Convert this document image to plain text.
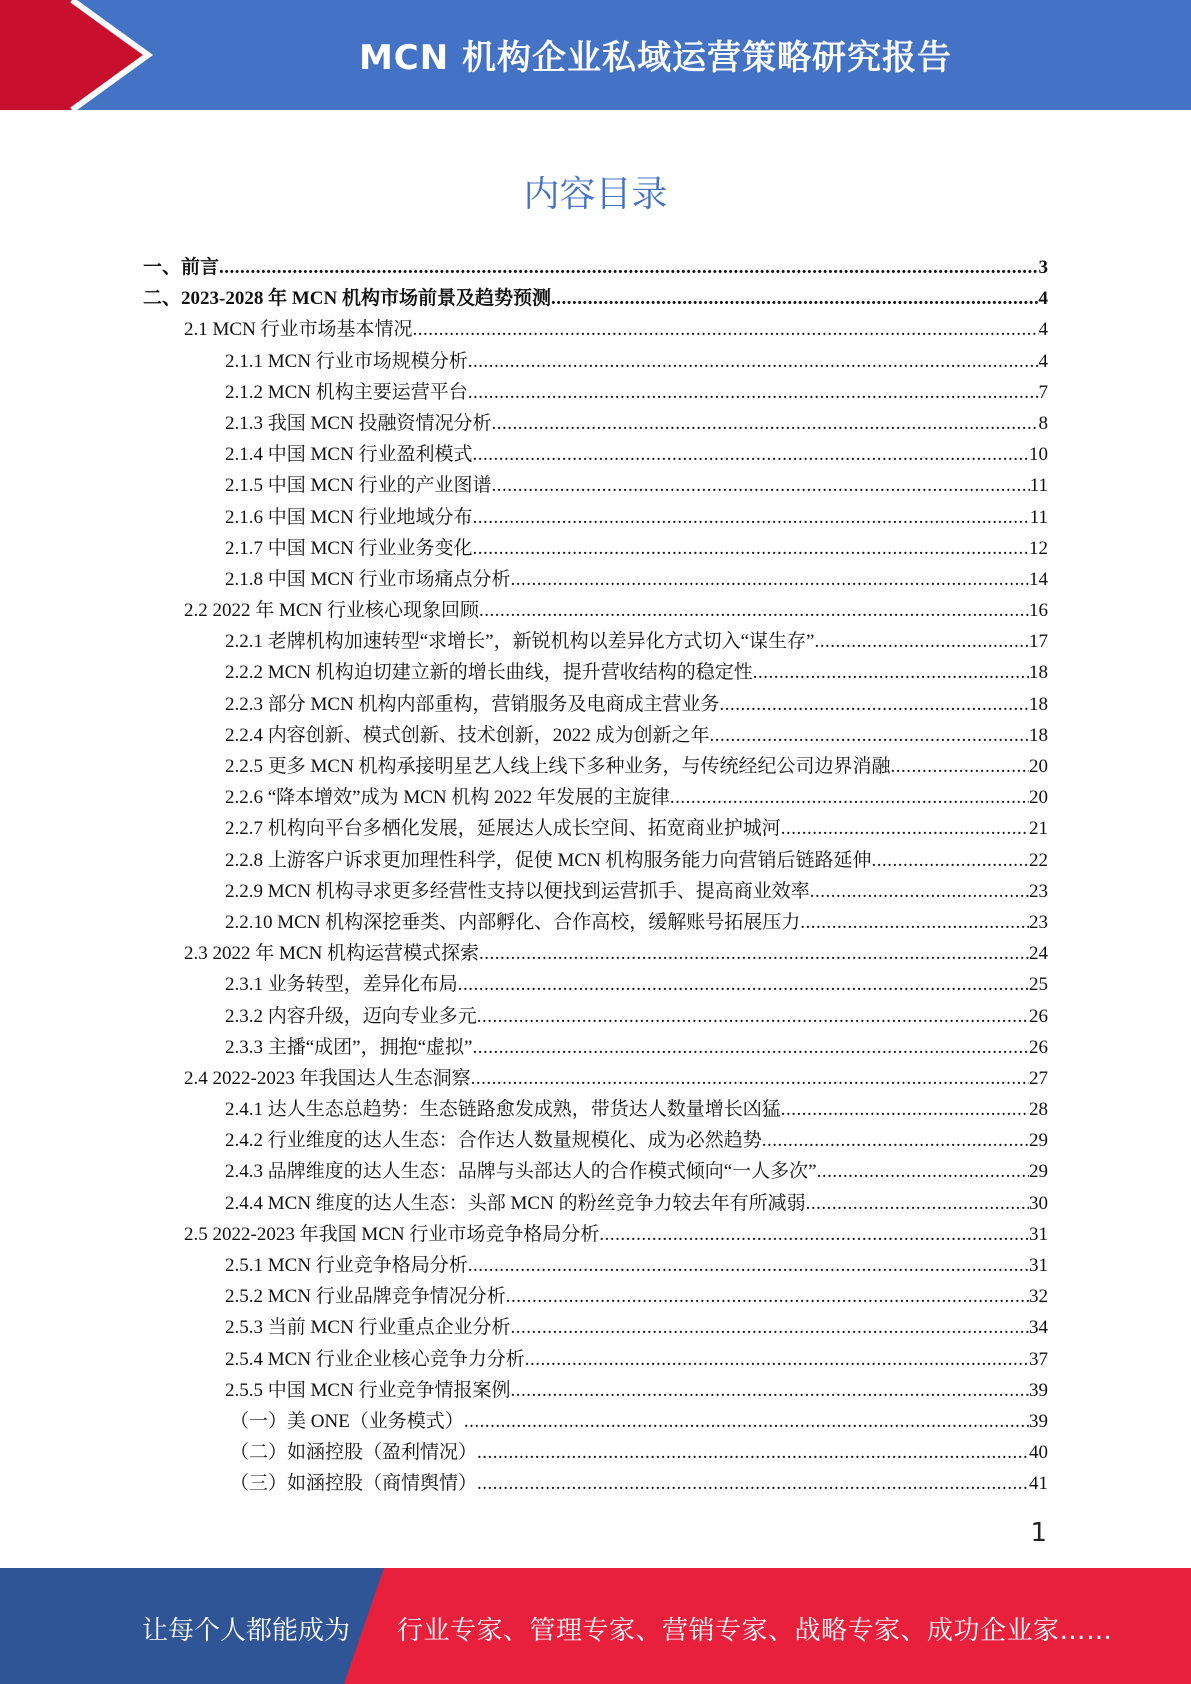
MCN 机构企业私域运营策略研究报告
内容目录
一、前言 .....	3
二、2023-2028 年 MCN 机构市场前景及趋势预测 .....	4
2.1 MCN 行业市场基本情况 .....	4
2.1.1 MCN 行业市场规模分析 .....	4
2.1.2 MCN 机构主要运营平台 .....	7
2.1.3 我国 MCN 投融资情况分析 .....	8
2.1.4 中国 MCN 行业盈利模式 .....	10
2.1.5 中国 MCN 行业的产业图谱 .....	11
2.1.6 中国 MCN 行业地域分布 .....	11
2.1.7 中国 MCN 行业业务变化 .....	12
2.1.8 中国 MCN 行业市场痛点分析 .....	14
2.2 2022 年 MCN 行业核心现象回顾 .....	16
2.2.1 老牌机构加速转型“求增长”，新锐机构以差异化方式切入“谋生存” .....	17
2.2.2 MCN 机构迫切建立新的增长曲线，提升营收结构的稳定性 .....	18
2.2.3 部分 MCN 机构内部重构，营销服务及电商成主营业务 .....	18
2.2.4 内容创新、模式创新、技术创新，2022 成为创新之年 .....	18
2.2.5 更多 MCN 机构承接明星艺人线上线下多种业务，与传统经纪公司边界消融 .....	20
2.2.6 “降本增效”成为 MCN 机构 2022 年发展的主旋律 .....	20
2.2.7 机构向平台多栖化发展，延展达人成长空间、拓宽商业护城河 .....	21
2.2.8 上游客户诉求更加理性科学，促使 MCN 机构服务能力向营销后链路延伸 .....	22
2.2.9 MCN 机构寻求更多经营性支持以便找到运营抓手、提高商业效率 .....	23
2.2.10 MCN 机构深挖垂类、内部孵化、合作高校，缓解账号拓展压力 .....	23
2.3 2022 年 MCN 机构运营模式探索 .....	24
2.3.1 业务转型，差异化布局 .....	25
2.3.2 内容升级，迈向专业多元 .....	26
2.3.3 主播“成团”，拥抱“虚拟” .....	26
2.4 2022-2023 年我国达人生态洞察 .....	27
2.4.1 达人生态总趋势：生态链路愈发成熟，带货达人数量增长凶猛 .....	28
2.4.2 行业维度的达人生态：合作达人数量规模化、成为必然趋势 .....	29
2.4.3 品牌维度的达人生态：品牌与头部达人的合作模式倾向“一人多次” .....	29
2.4.4 MCN 维度的达人生态：头部 MCN 的粉丝竞争力较去年有所减弱 .....	30
2.5 2022-2023 年我国 MCN 行业市场竞争格局分析 .....	31
2.5.1 MCN 行业竞争格局分析 .....	31
2.5.2 MCN 行业品牌竞争情况分析 .....	32
2.5.3 当前 MCN 行业重点企业分析 .....	34
2.5.4 MCN 行业企业核心竞争力分析 .....	37
2.5.5 中国 MCN 行业竞争情报案例 .....	39
（一）美 ONE（业务模式） .....	39
（二）如涵控股（盈利情况） .....	40
（三）如涵控股（商情舆情） .....	41
1
让每个人都能成为 行业专家、管理专家、营销专家、战略专家、成功企业家……
